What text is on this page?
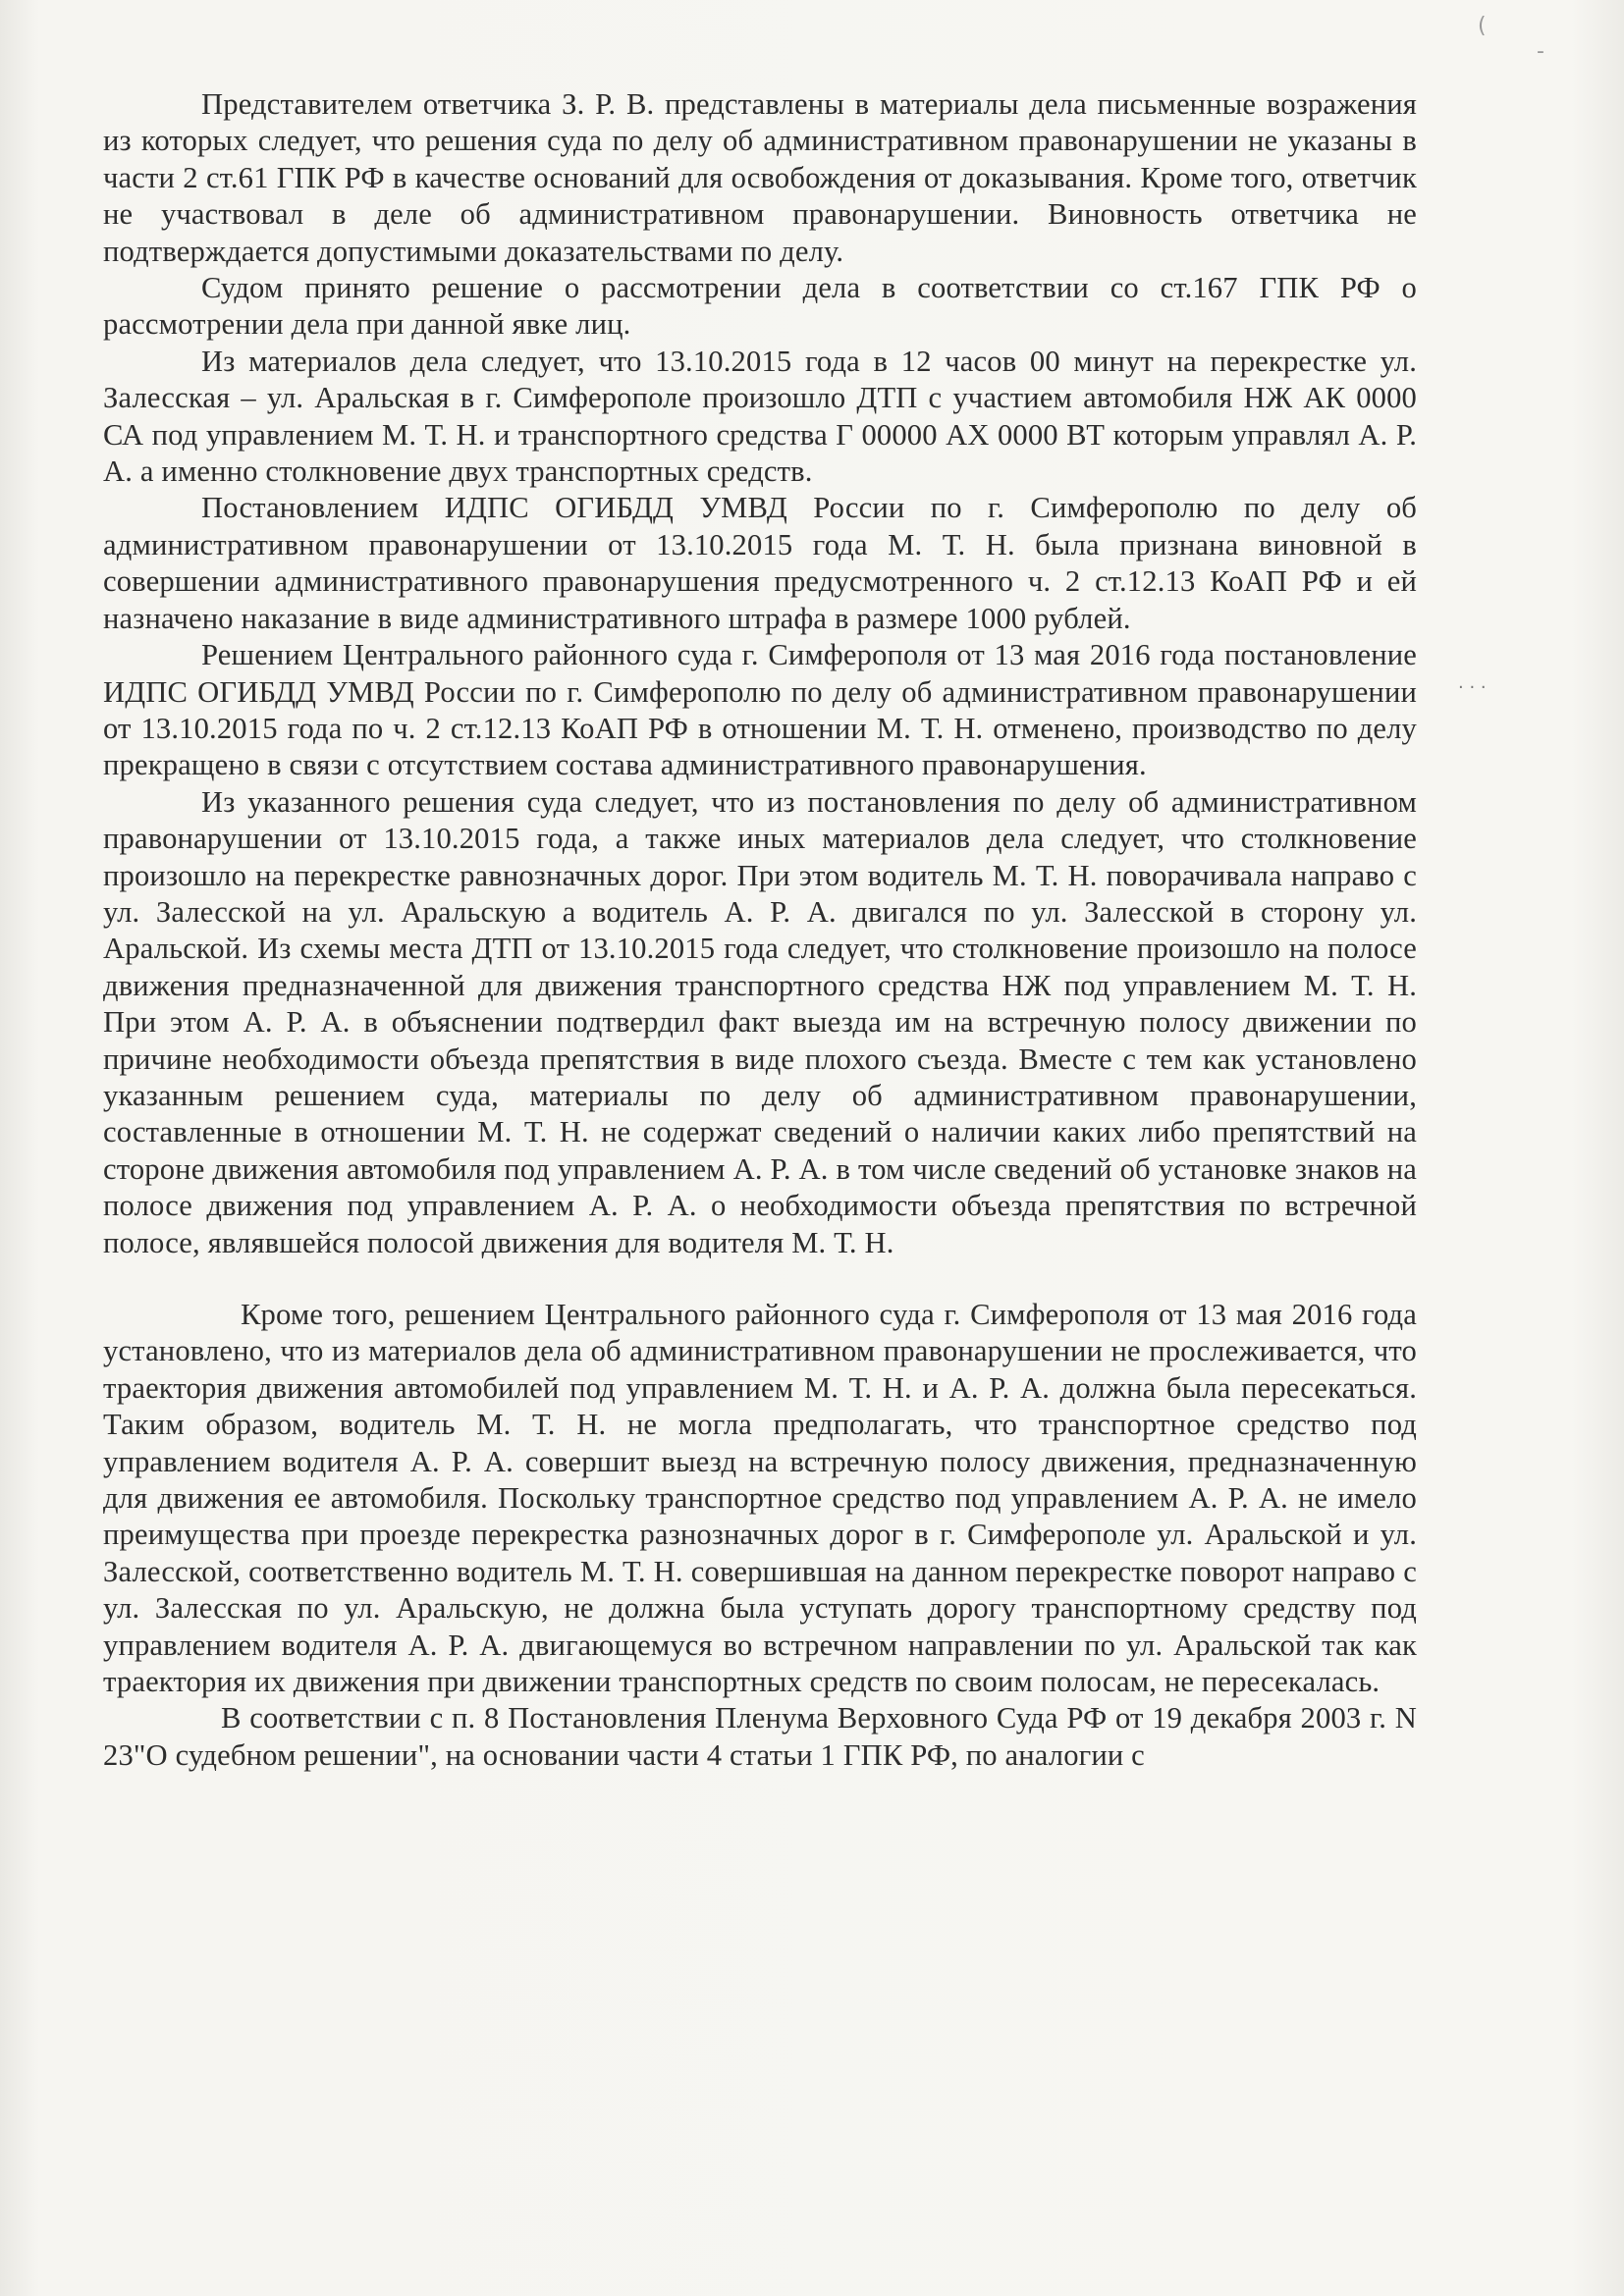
(
-
· · ·

Представителем ответчика З. Р. В. представлены в материалы дела письменные возражения из которых следует, что решения суда по делу об административном правонарушении не указаны в части 2 ст.61 ГПК РФ в качестве оснований для освобождения от доказывания. Кроме того, ответчик не участвовал в деле об административном правонарушении. Виновность ответчика не подтверждается допустимыми доказательствами по делу.

Судом принято решение о рассмотрении дела в соответствии со ст.167 ГПК РФ о рассмотрении дела при данной явке лиц.

Из материалов дела следует, что 13.10.2015 года в 12 часов 00 минут на перекрестке ул. Залесская – ул. Аральская в г. Симферополе произошло ДТП с участием автомобиля НЖ АК 0000 СА под управлением М. Т. Н. и транспортного средства Г 00000 АХ 0000 ВТ которым управлял А. Р. А. а именно столкновение двух транспортных средств.

Постановлением ИДПС ОГИБДД УМВД России по г. Симферополю по делу об административном правонарушении от 13.10.2015 года М. Т. Н. была признана виновной в совершении административного правонарушения предусмотренного ч. 2 ст.12.13 КоАП РФ и ей назначено наказание в виде административного штрафа в размере 1000 рублей.

Решением Центрального районного суда г. Симферополя от 13 мая 2016 года постановление ИДПС ОГИБДД УМВД России по г. Симферополю по делу об административном правонарушении от 13.10.2015 года по ч. 2 ст.12.13 КоАП РФ в отношении М. Т. Н. отменено, производство по делу прекращено в связи с отсутствием состава административного правонарушения.

Из указанного решения суда следует, что из постановления по делу об административном правонарушении от 13.10.2015 года, а также иных материалов дела следует, что столкновение произошло на перекрестке равнозначных дорог. При этом водитель М. Т. Н. поворачивала направо с ул. Залесской на ул. Аральскую а водитель А. Р. А. двигался по ул. Залесской в сторону ул. Аральской. Из схемы места ДТП от 13.10.2015 года следует, что столкновение произошло на полосе движения предназначенной для движения транспортного средства НЖ под управлением М. Т. Н. При этом А. Р. А. в объяснении подтвердил факт выезда им на встречную полосу движении по причине необходимости объезда препятствия в виде плохого съезда. Вместе с тем как установлено указанным решением суда, материалы по делу об административном правонарушении, составленные в отношении М. Т. Н. не содержат сведений о наличии каких либо препятствий на стороне движения автомобиля под управлением А. Р. А. в том числе сведений об установке знаков на полосе движения под управлением А. Р. А. о необходимости объезда препятствия по встречной полосе, являвшейся полосой движения для водителя М. Т. Н.

Кроме того, решением Центрального районного суда г. Симферополя от 13 мая 2016 года установлено, что из материалов дела об административном правонарушении не прослеживается, что траектория движения автомобилей под управлением М. Т. Н. и А. Р. А. должна была пересекаться. Таким образом, водитель М. Т. Н. не могла предполагать, что транспортное средство под управлением водителя А. Р. А. совершит выезд на встречную полосу движения, предназначенную для движения ее автомобиля. Поскольку транспортное средство под управлением А. Р. А. не имело преимущества при проезде перекрестка разнозначных дорог в г. Симферополе ул. Аральской и ул. Залесской, соответственно водитель М. Т. Н. совершившая на данном перекрестке поворот направо с ул. Залесская по ул. Аральскую, не должна была уступать дорогу транспортному средству под управлением водителя А. Р. А. двигающемуся во встречном направлении по ул. Аральской так как траектория их движения при движении транспортных средств по своим полосам, не пересекалась.

В соответствии с п. 8 Постановления Пленума Верховного Суда РФ от 19 декабря 2003 г. N 23"О судебном решении", на основании части 4 статьи 1 ГПК РФ, по аналогии с
